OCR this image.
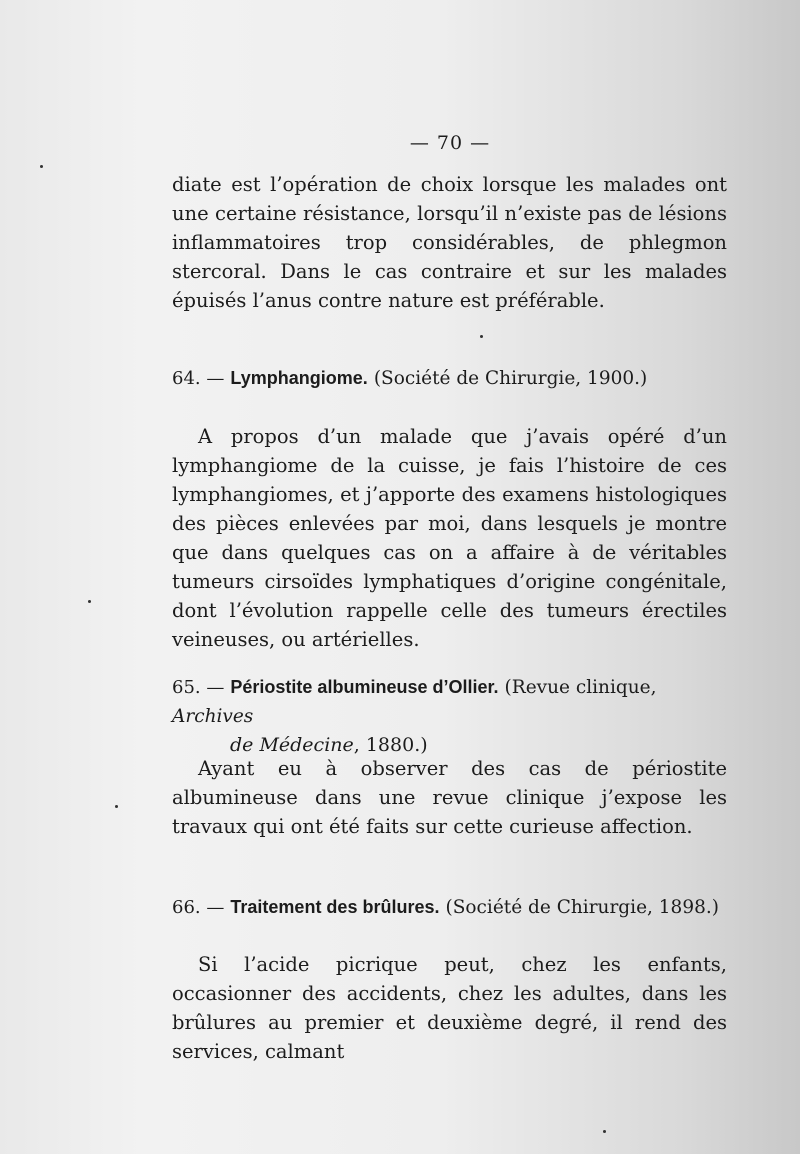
— 70 —
diate est l’opération de choix lorsque les malades ont une certaine résistance, lorsqu’il n’existe pas de lésions inflammatoires trop considérables, de phlegmon stercoral. Dans le cas contraire et sur les malades épuisés l’anus contre nature est préférable.
64. — Lymphangiome. (Société de Chirurgie, 1900.)
A propos d’un malade que j’avais opéré d’un lymphangiome de la cuisse, je fais l’histoire de ces lymphangiomes, et j’apporte des examens histologiques des pièces enlevées par moi, dans lesquels je montre que dans quelques cas on a affaire à de véritables tumeurs cirsoïdes lymphatiques d’origine congénitale, dont l’évolution rappelle celle des tumeurs érectiles veineuses, ou artérielles.
65. — Périostite albumineuse d’Ollier. (Revue clinique, Archives
de Médecine, 1880.)
Ayant eu à observer des cas de périostite albumineuse dans une revue clinique j’expose les travaux qui ont été faits sur cette curieuse affection.
66. — Traitement des brûlures. (Société de Chirurgie, 1898.)
Si l’acide picrique peut, chez les enfants, occasionner des accidents, chez les adultes, dans les brûlures au premier et deuxième degré, il rend des services, calmant
